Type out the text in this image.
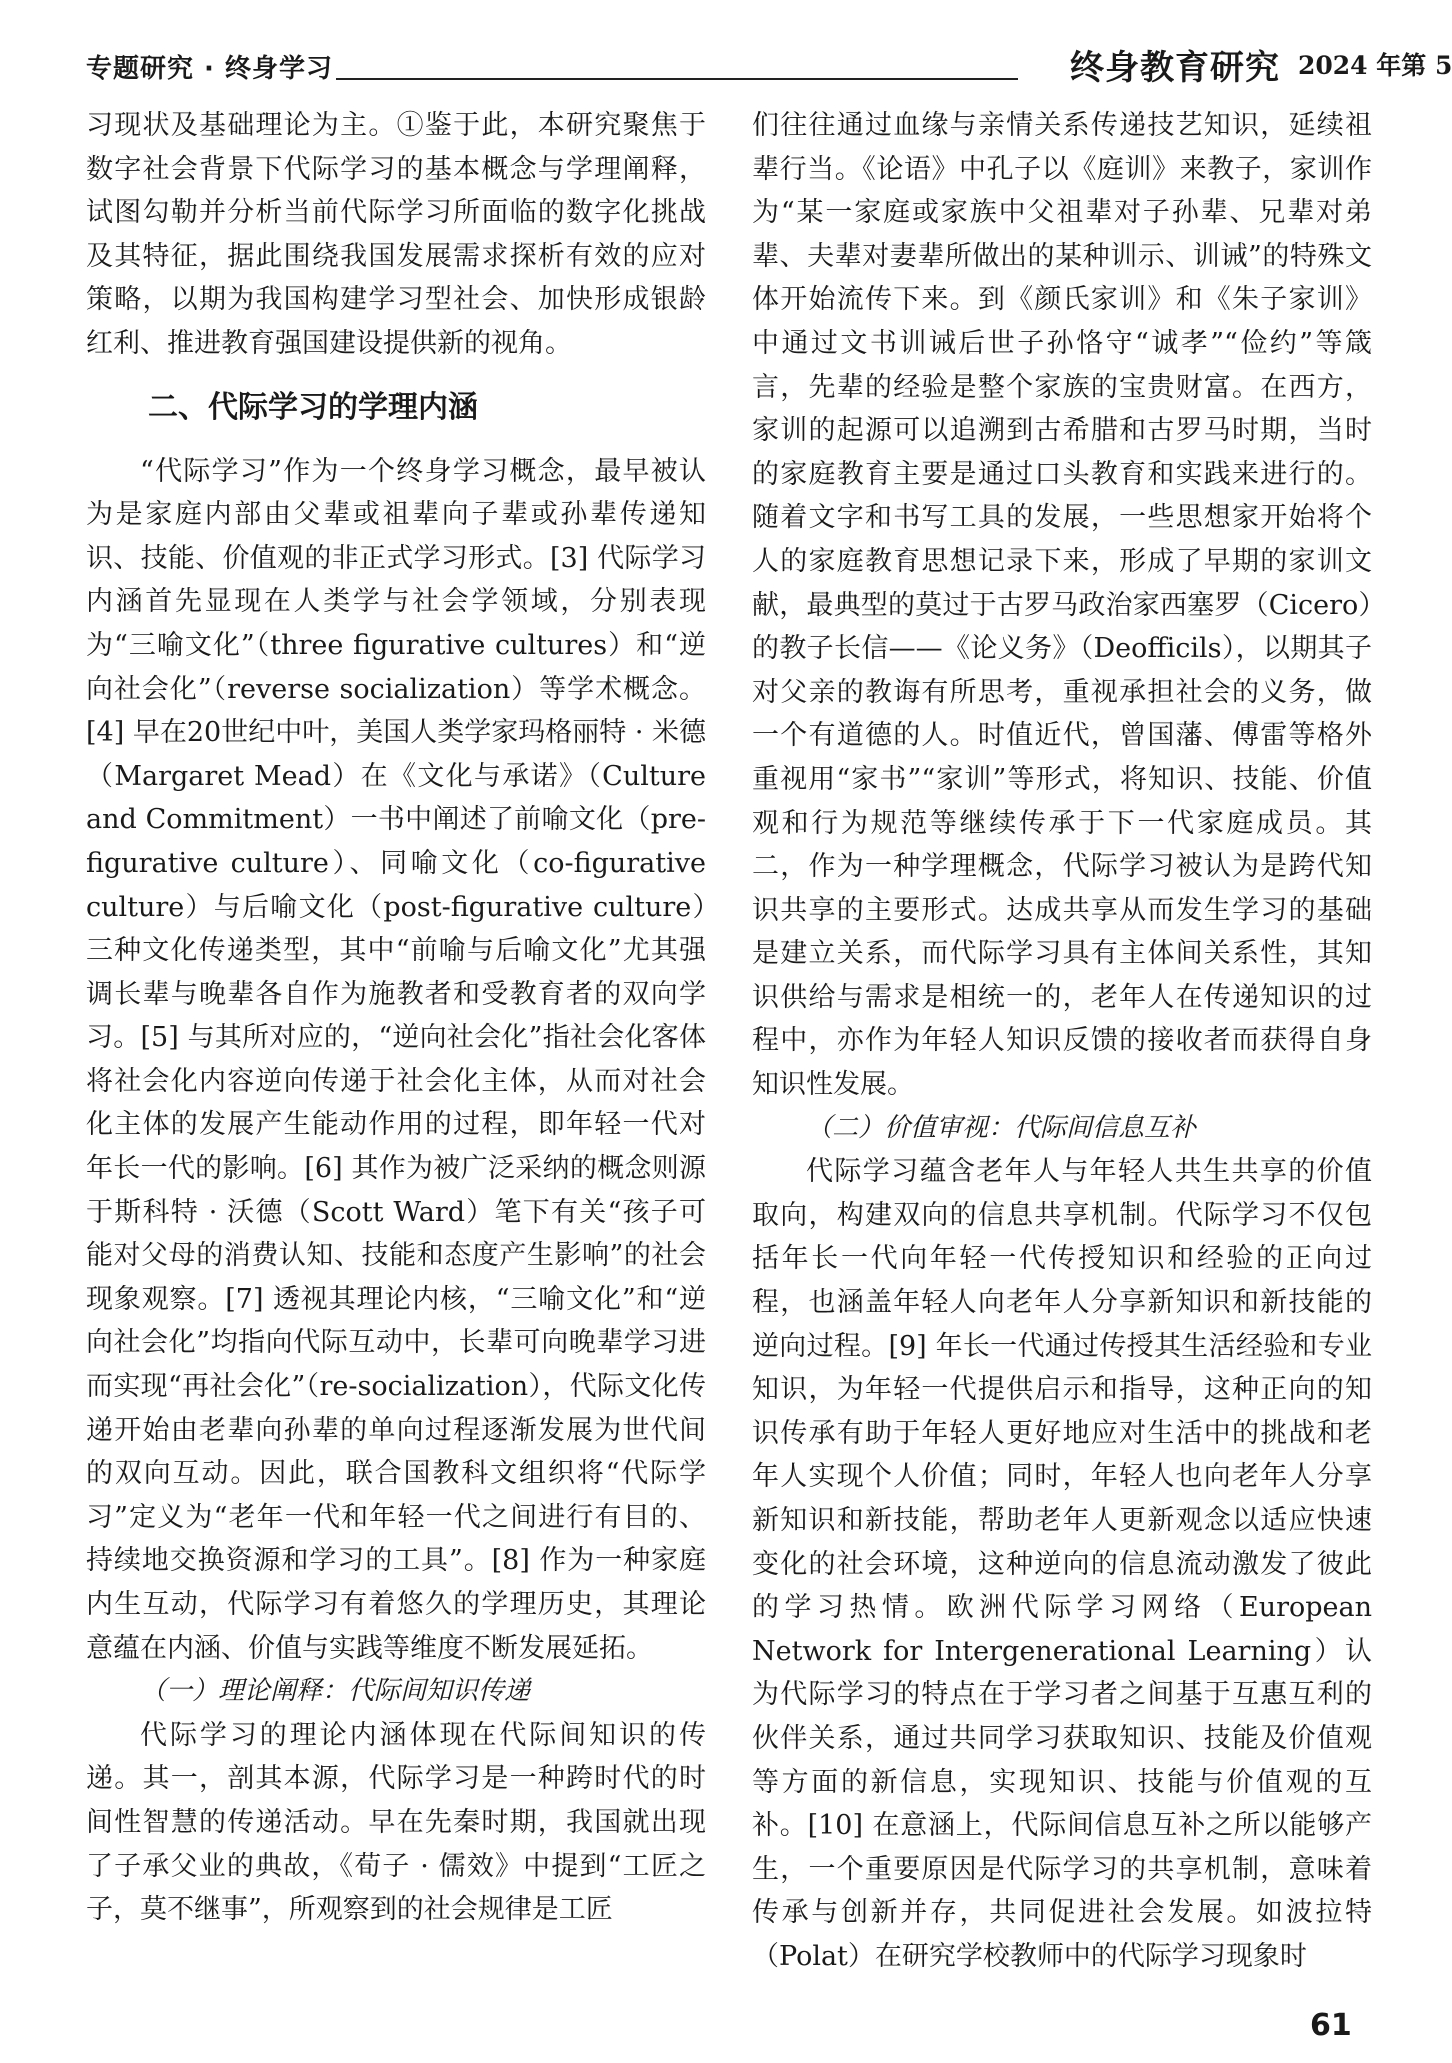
专题研究 · 终身学习	终身教育研究 2024 年第 5

习现状及基础理论为主。①鉴于此，本研究聚焦于数字社会背景下代际学习的基本概念与学理阐释，试图勾勒并分析当前代际学习所面临的数字化挑战及其特征，据此围绕我国发展需求探析有效的应对策略，以期为我国构建学习型社会、加快形成银龄红利、推进教育强国建设提供新的视角。

二、代际学习的学理内涵

“代际学习”作为一个终身学习概念，最早被认为是家庭内部由父辈或祖辈向子辈或孙辈传递知识、技能、价值观的非正式学习形式。[3] 代际学习内涵首先显现在人类学与社会学领域，分别表现为“三喻文化”（three figurative cultures）和“逆向社会化”（reverse socialization）等学术概念。[4] 早在20世纪中叶，美国人类学家玛格丽特 · 米德（Margaret Mead）在《文化与承诺》（Culture and Commitment）一书中阐述了前喻文化（pre-figurative culture）、同喻文化（co-figurative culture）与后喻文化（post-figurative culture）三种文化传递类型，其中“前喻与后喻文化”尤其强调长辈与晚辈各自作为施教者和受教育者的双向学习。[5] 与其所对应的，“逆向社会化”指社会化客体将社会化内容逆向传递于社会化主体，从而对社会化主体的发展产生能动作用的过程，即年轻一代对年长一代的影响。[6] 其作为被广泛采纳的概念则源于斯科特 · 沃德（Scott Ward）笔下有关“孩子可能对父母的消费认知、技能和态度产生影响”的社会现象观察。[7] 透视其理论内核，“三喻文化”和“逆向社会化”均指向代际互动中，长辈可向晚辈学习进而实现“再社会化”（re-socialization），代际文化传递开始由老辈向孙辈的单向过程逐渐发展为世代间的双向互动。因此，联合国教科文组织将“代际学习”定义为“老年一代和年轻一代之间进行有目的、持续地交换资源和学习的工具”。[8] 作为一种家庭内生互动，代际学习有着悠久的学理历史，其理论意蕴在内涵、价值与实践等维度不断发展延拓。

（一）理论阐释：代际间知识传递

代际学习的理论内涵体现在代际间知识的传递。其一，剖其本源，代际学习是一种跨时代的时间性智慧的传递活动。早在先秦时期，我国就出现了子承父业的典故，《荀子 · 儒效》中提到“工匠之子，莫不继事”，所观察到的社会规律是工匠

们往往通过血缘与亲情关系传递技艺知识，延续祖辈行当。《论语》中孔子以《庭训》来教子，家训作为“某一家庭或家族中父祖辈对子孙辈、兄辈对弟辈、夫辈对妻辈所做出的某种训示、训诫”的特殊文体开始流传下来。到《颜氏家训》和《朱子家训》中通过文书训诫后世子孙恪守“诚孝”“俭约”等箴言，先辈的经验是整个家族的宝贵财富。在西方，家训的起源可以追溯到古希腊和古罗马时期，当时的家庭教育主要是通过口头教育和实践来进行的。随着文字和书写工具的发展，一些思想家开始将个人的家庭教育思想记录下来，形成了早期的家训文献，最典型的莫过于古罗马政治家西塞罗（Cicero）的教子长信——《论义务》（Deofficils），以期其子对父亲的教诲有所思考，重视承担社会的义务，做一个有道德的人。时值近代，曾国藩、傅雷等格外重视用“家书”“家训”等形式，将知识、技能、价值观和行为规范等继续传承于下一代家庭成员。其二，作为一种学理概念，代际学习被认为是跨代知识共享的主要形式。达成共享从而发生学习的基础是建立关系，而代际学习具有主体间关系性，其知识供给与需求是相统一的，老年人在传递知识的过程中，亦作为年轻人知识反馈的接收者而获得自身知识性发展。

（二）价值审视：代际间信息互补

代际学习蕴含老年人与年轻人共生共享的价值取向，构建双向的信息共享机制。代际学习不仅包括年长一代向年轻一代传授知识和经验的正向过程，也涵盖年轻人向老年人分享新知识和新技能的逆向过程。[9] 年长一代通过传授其生活经验和专业知识，为年轻一代提供启示和指导，这种正向的知识传承有助于年轻人更好地应对生活中的挑战和老年人实现个人价值；同时，年轻人也向老年人分享新知识和新技能，帮助老年人更新观念以适应快速变化的社会环境，这种逆向的信息流动激发了彼此的学习热情。欧洲代际学习网络（European Network for Intergenerational Learning）认为代际学习的特点在于学习者之间基于互惠互利的伙伴关系，通过共同学习获取知识、技能及价值观等方面的新信息，实现知识、技能与价值观的互补。[10] 在意涵上，代际间信息互补之所以能够产生，一个重要原因是代际学习的共享机制，意味着传承与创新并存，共同促进社会发展。如波拉特（Polat）在研究学校教师中的代际学习现象时

61
